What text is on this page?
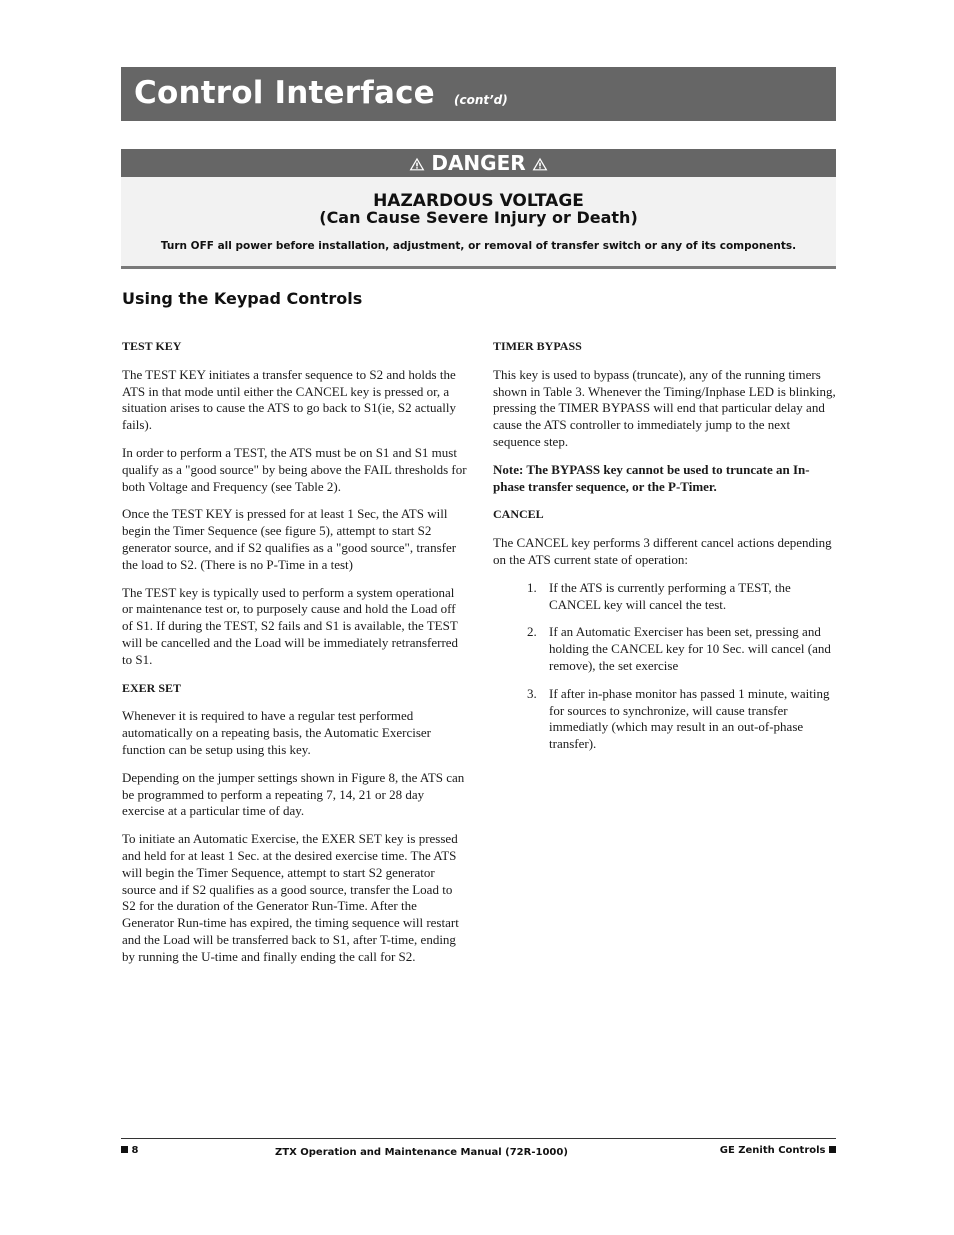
Control Interface (cont’d)
DANGER
HAZARDOUS VOLTAGE
(Can Cause Severe Injury or Death)
Turn OFF all power before installation, adjustment, or removal of transfer switch or any of its components.
Using the Keypad Controls
TEST KEY

The TEST KEY initiates a transfer sequence to S2 and holds the ATS in that mode until either the CANCEL key is pressed or, a situation arises to cause the ATS to go back to S1(ie, S2 actually fails).

In order to perform a TEST, the ATS must be on S1 and S1 must qualify as a "good source" by being above the FAIL thresholds for both Voltage and Frequency (see Table 2).

Once the TEST KEY is pressed for at least 1 Sec, the ATS will begin the Timer Sequence (see figure 5), attempt to start S2 generator source, and if S2 qualifies as a "good source", transfer the load to S2. (There is no P-Time in a test)

The TEST key is typically used to perform a system operational or maintenance test or, to purposely cause and hold the Load off of S1. If during the TEST, S2 fails and S1 is available, the TEST will be cancelled and the Load will be immediately retransferred to S1.

EXER SET

Whenever it is required to have a regular test performed automatically on a repeating basis, the Automatic Exerciser function can be setup using this key.

Depending on the jumper settings shown in Figure 8, the ATS can be programmed to perform a repeating 7, 14, 21 or 28 day exercise at a particular time of day.

To initiate an Automatic Exercise, the EXER SET key is pressed and held for at least 1 Sec. at the desired exercise time. The ATS will begin the Timer Sequence, attempt to start S2 generator source and if S2 qualifies as a good source, transfer the Load to S2 for the duration of the Generator Run-Time. After the Generator Run-time has expired, the timing sequence will restart and the Load will be transferred back to S1, after T-time, ending by running the U-time and finally ending the call for S2.

TIMER BYPASS

This key is used to bypass (truncate), any of the running timers shown in Table 3. Whenever the Timing/Inphase LED is blinking, pressing the TIMER BYPASS will end that particular delay and cause the ATS controller to immediately jump to the next sequence step.

Note: The BYPASS key cannot be used to truncate an In-phase transfer sequence, or the P-Timer.

CANCEL

The CANCEL key performs 3 different cancel actions depending on the ATS current state of operation:

1. If the ATS is currently performing a TEST, the CANCEL key will cancel the test.
2. If an Automatic Exerciser has been set, pressing and holding the CANCEL key for 10 Sec. will cancel (and remove), the set exercise
3. If after in-phase monitor has passed 1 minute, waiting for sources to synchronize, will cause transfer immediatly (which may result in an out-of-phase transfer).
8	ZTX Operation and Maintenance Manual (72R-1000)	GE Zenith Controls
